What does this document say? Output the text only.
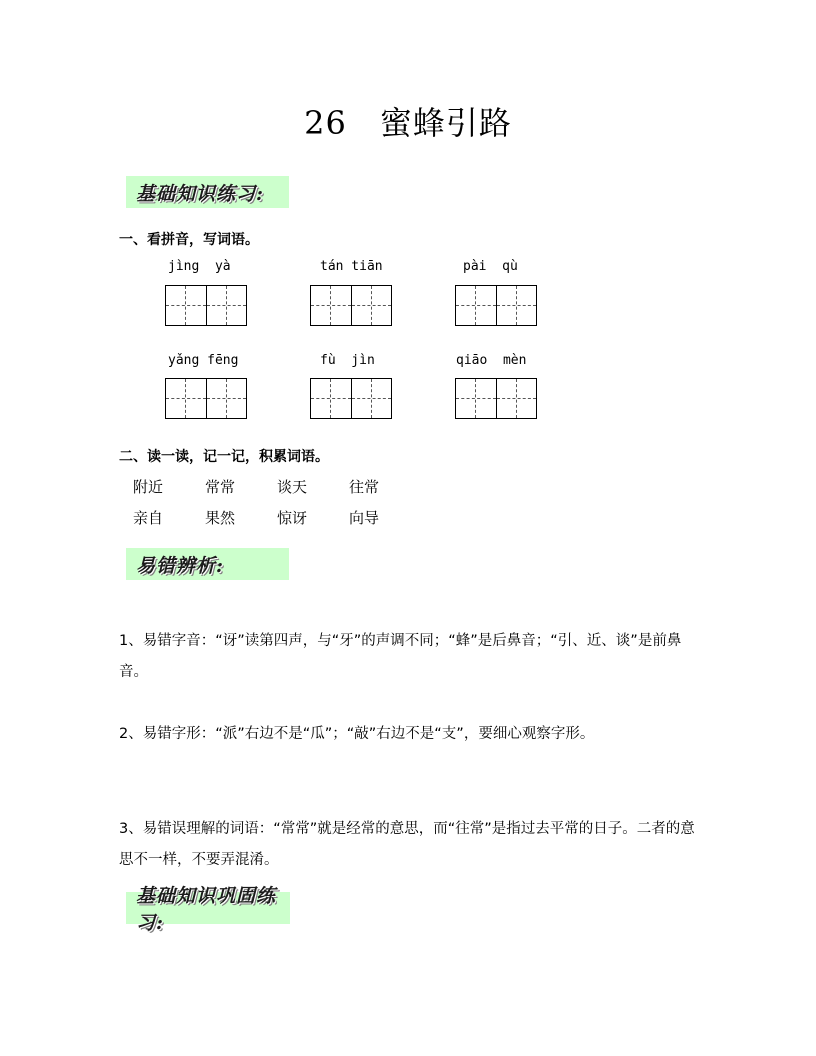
26　蜜蜂引路
基础知识练习:
一、看拼音，写词语。
jìng  yà	tán tiān	pài  qù
yǎng fēng	fù  jìn	qiāo  mèn
二、读一读，记一记，积累词语。
附近	常常	谈天	往常
亲自	果然	惊讶	向导
易错辨析:
1、易错字音：“讶”读第四声，与“牙”的声调不同；“蜂”是后鼻音；“引、近、谈”是前鼻音。
2、易错字形：“派”右边不是“瓜”；“敲”右边不是“支”，要细心观察字形。
3、易错误理解的词语：“常常”就是经常的意思，而“往常”是指过去平常的日子。二者的意思不一样，不要弄混淆。
基础知识巩固练习:
